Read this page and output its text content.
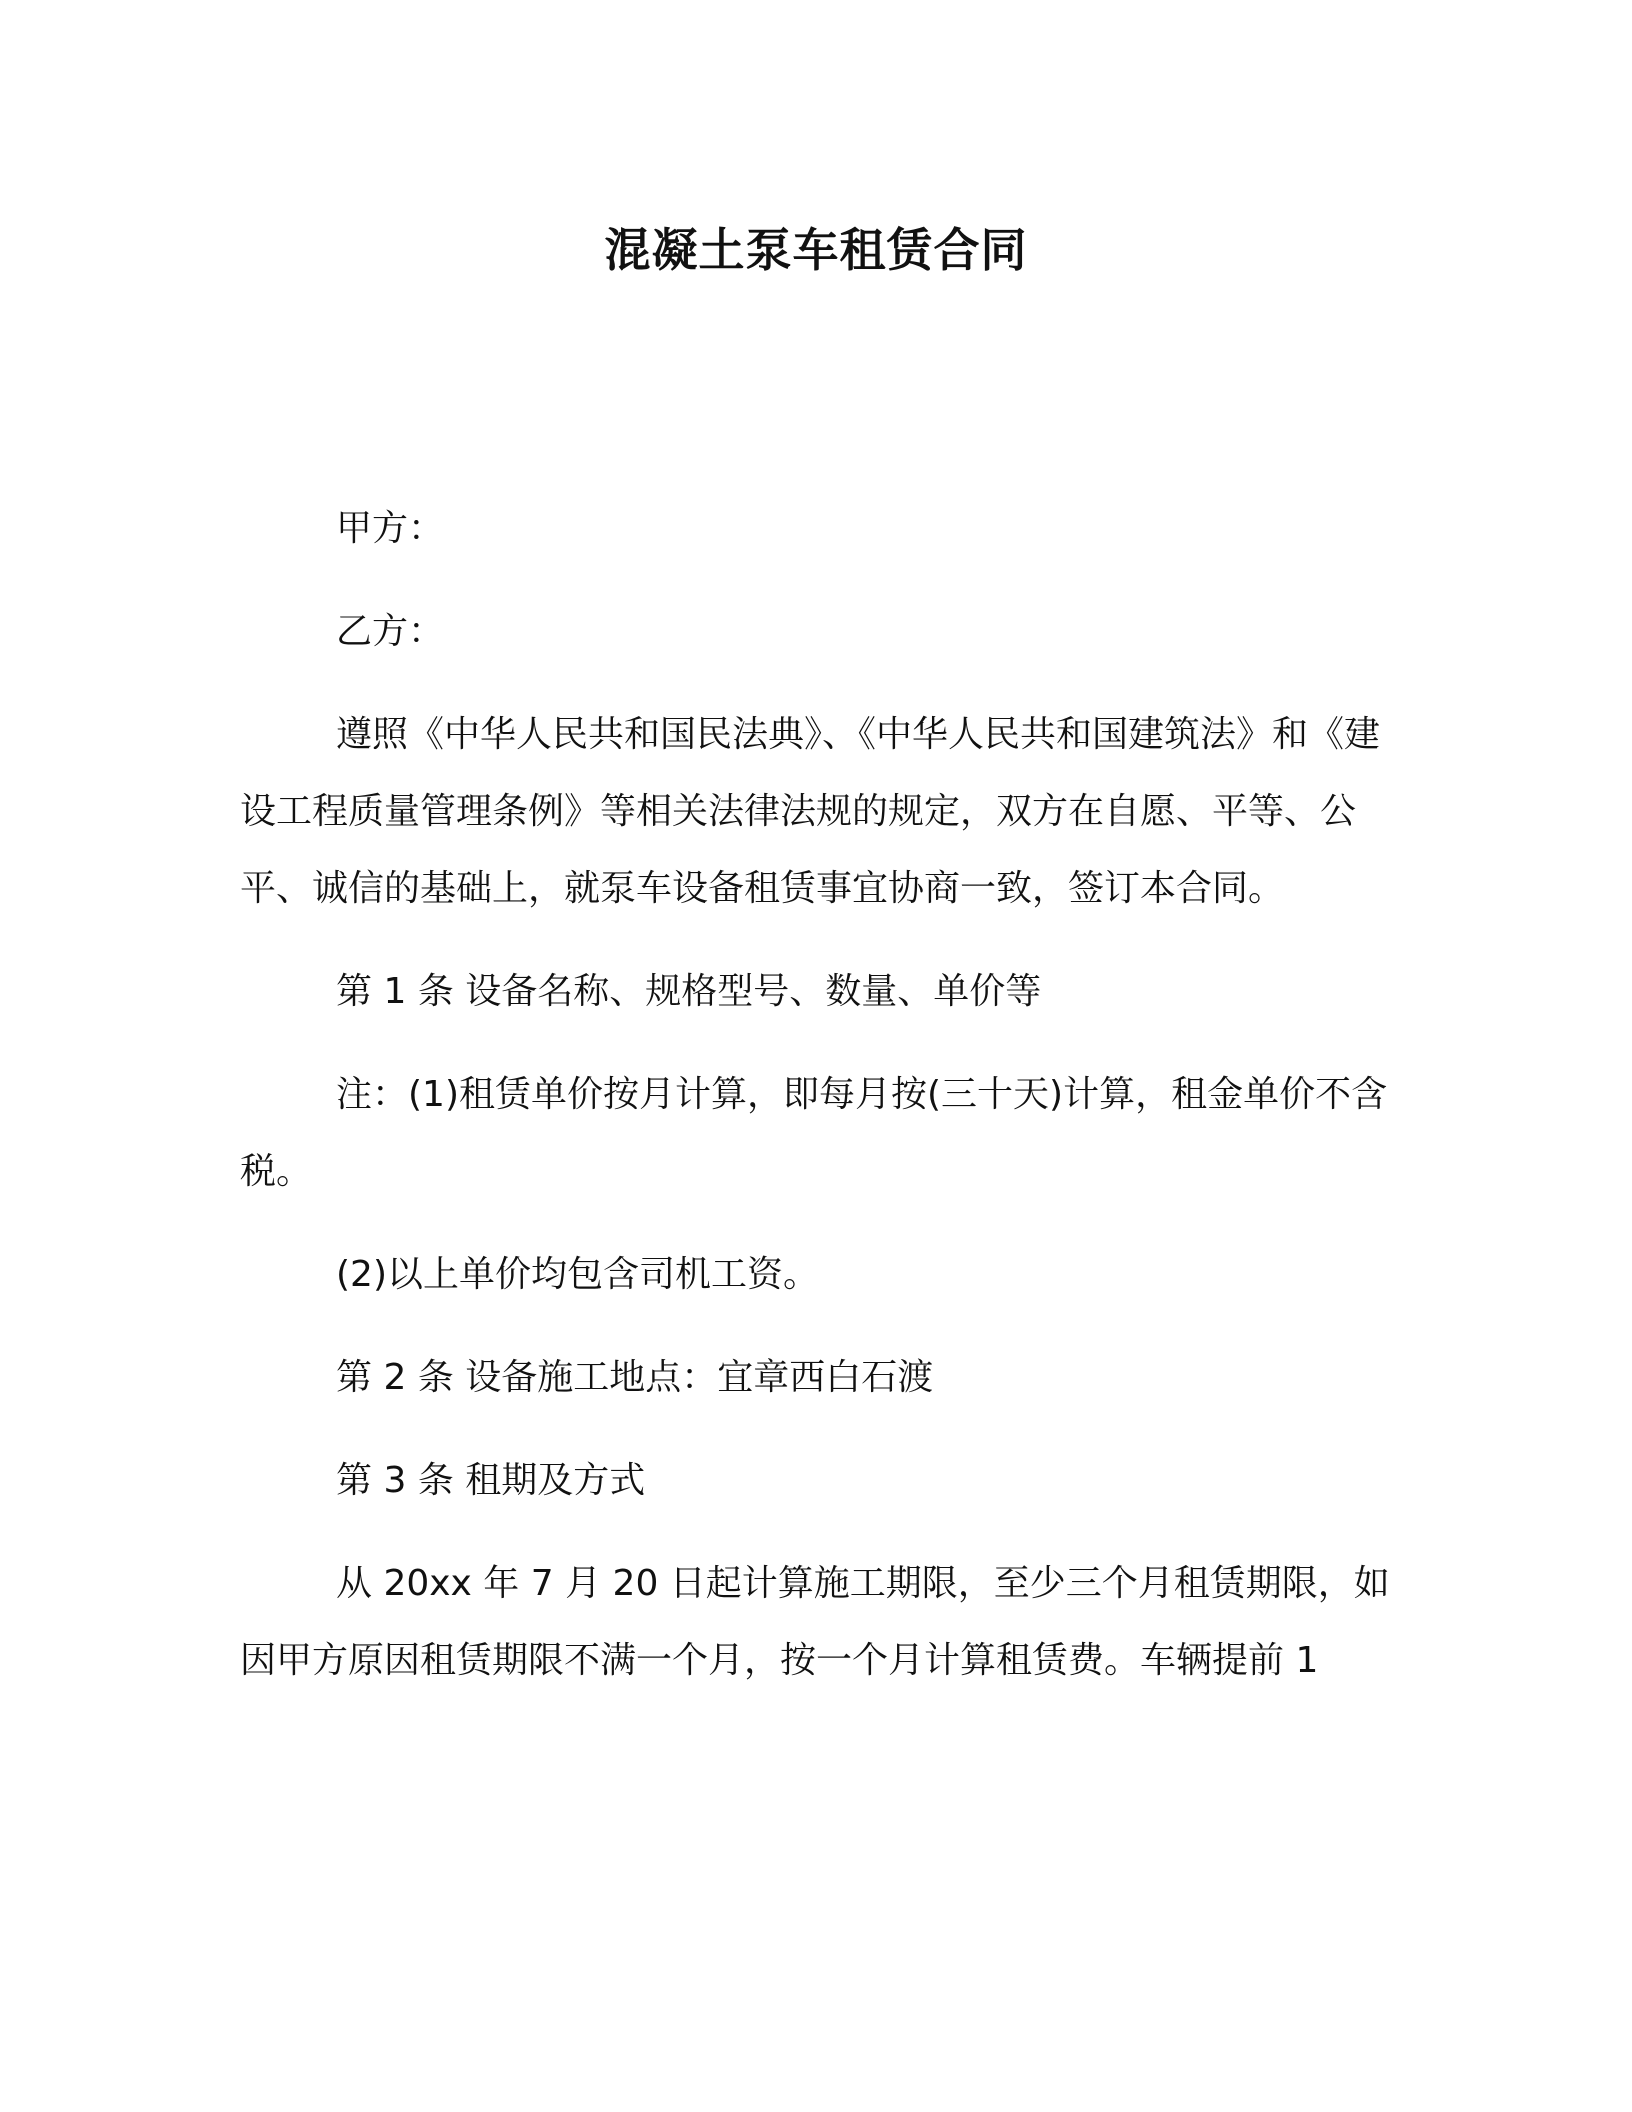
混凝土泵车租赁合同

甲方：

乙方：

遵照《中华人民共和国民法典》、《中华人民共和国建筑法》和《建设工程质量管理条例》等相关法律法规的规定，双方在自愿、平等、公平、诚信的基础上，就泵车设备租赁事宜协商一致，签订本合同。

第 1 条 设备名称、规格型号、数量、单价等

注：(1)租赁单价按月计算，即每月按(三十天)计算，租金单价不含税。

(2)以上单价均包含司机工资。

第 2 条 设备施工地点：宜章西白石渡

第 3 条 租期及方式

从 20xx 年 7 月 20 日起计算施工期限，至少三个月租赁期限，如因甲方原因租赁期限不满一个月，按一个月计算租赁费。车辆提前 1
